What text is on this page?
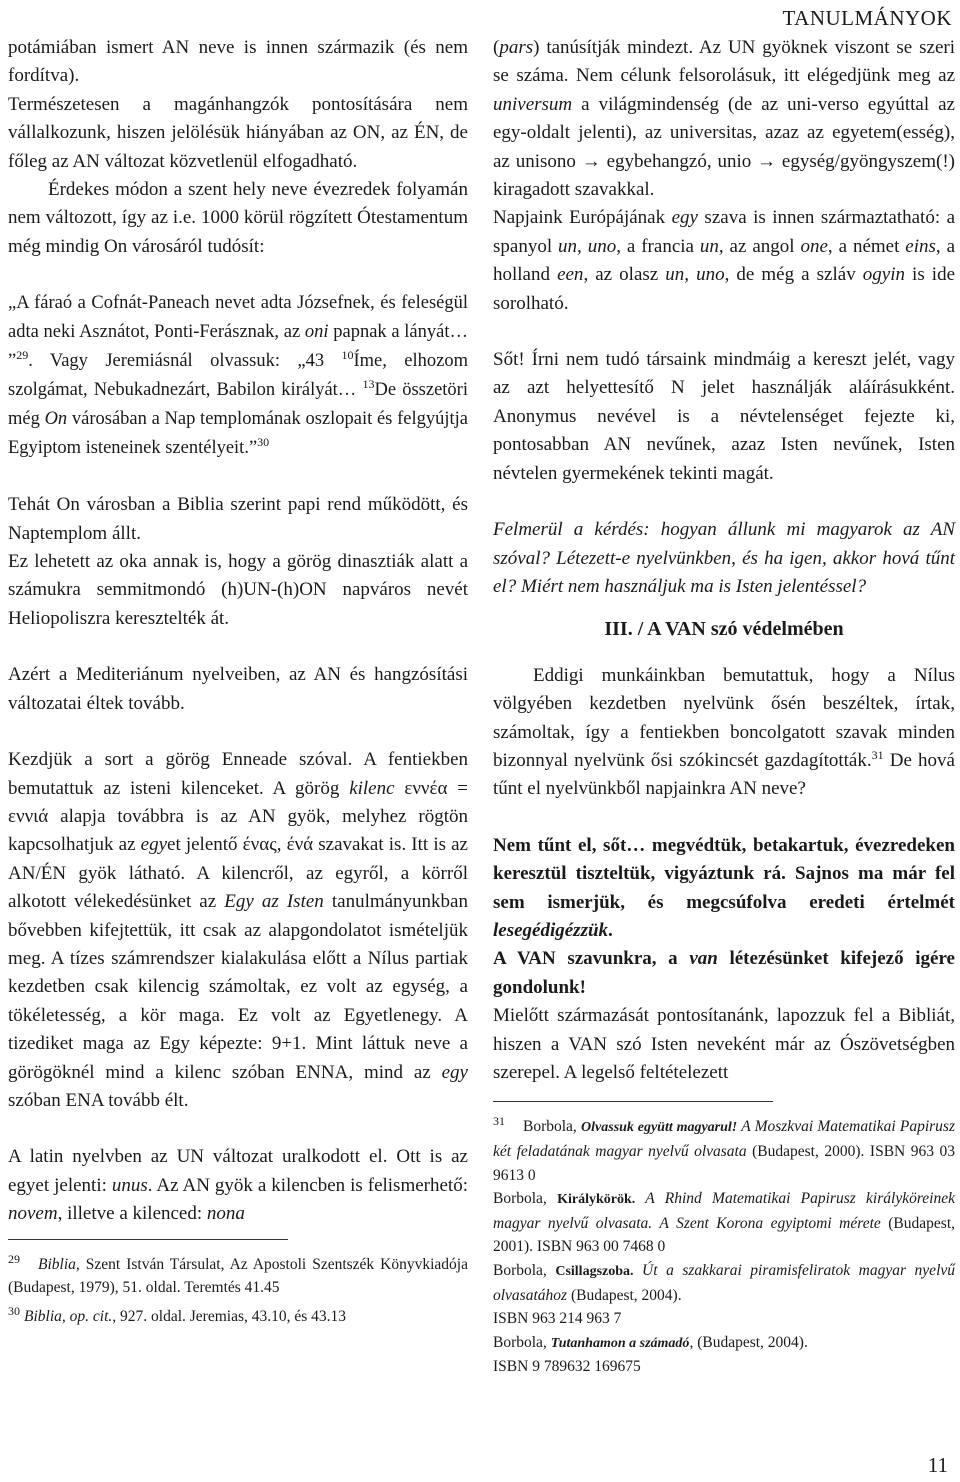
TANULMÁNYOK

potámiában ismert AN neve is innen származik (és nem fordítva).

Természetesen a magánhangzók pontosítására nem vállalkozunk, hiszen jelölésük hiányában az ON, az ÉN, de főleg az AN változat közvetlenül elfogadható.

Érdekes módon a szent hely neve évezredek folyamán nem változott, így az i.e. 1000 körül rögzített Ótestamentum még mindig On városáról tudósít:

„A fáraó a Cofnát-Paneach nevet adta Józsefnek, és feleségül adta neki Asznátot, Ponti-Ferásznak, az oni papnak a lányát… ”$^{29}$. Vagy Jeremiásnál olvassuk: „43 $^{10}$Íme, elhozom szolgámat, Nebukadnezárt, Babilon királyát… $^{13}$De összetöri még On városában a Nap templomának oszlopait és felgyújtja Egyiptom isteneinek szentélyeit.”$^{30}$

Tehát On városban a Biblia szerint papi rend működött, és Naptemplom állt.

Ez lehetett az oka annak is, hogy a görög dinasztiák alatt a számukra semmitmondó (h)UN-(h)ON napváros nevét Heliopoliszra keresztelték át.

Azért a Mediteriánum nyelveiben, az AN és hangzósítási változatai éltek tovább.

Kezdjük a sort a görög Enneade szóval. A fentiekben bemutattuk az isteni kilenceket. A görög kilenc εννέα = εννιά alapja továbbra is az AN gyök, melyhez rögtön kapcsolhatjuk az egyet jelentő ένας, ένά szavakat is. Itt is az AN/ÉN gyök látható. A kilencről, az egyről, a körről alkotott vélekedésünket az Egy az Isten tanulmányunkban bővebben kifejtettük, itt csak az alapgondolatot ismételjük meg. A tízes számrendszer kialakulása előtt a Nílus partiak kezdetben csak kilencig számoltak, ez volt az egység, a tökéletesség, a kör maga. Ez volt az Egyetlenegy. A tizediket maga az Egy képezte: 9+1. Mint láttuk neve a görögöknél mind a kilenc szóban ENNA, mind az egy szóban ENA tovább élt.

A latin nyelvben az UN változat uralkodott el. Ott is az egyet jelenti: unus. Az AN gyök a kilencben is felismerhető: novem, illetve a kilenced: nona

$^{29}$ Biblia, Szent István Társulat, Az Apostoli Szentszék Könyvkiadója (Budapest, 1979), 51. oldal. Teremtés 41.45
$^{30}$ Biblia, op. cit., 927. oldal. Jeremias, 43.10, és 43.13

(pars) tanúsítják mindezt. Az UN gyöknek viszont se szeri se száma. Nem célunk felsorolásuk, itt elégedjünk meg az universum a világmindenség (de az uni-verso egyúttal az egy-oldalt jelenti), az universitas, azaz az egyetem(esség), az unisono → egybehangzó, unio → egység/gyöngyszem(!) kiragadott szavakkal.

Napjaink Európájának egy szava is innen származtatható: a spanyol un, uno, a francia un, az angol one, a német eins, a holland een, az olasz un, uno, de még a szláv ogyin is ide sorolható.

Sőt! Írni nem tudó társaink mindmáig a kereszt jelét, vagy az azt helyettesítő N jelet használják aláírásukként. Anonymus nevével is a névtelenséget fejezte ki, pontosabban AN nevűnek, azaz Isten nevűnek, Isten névtelen gyermekének tekinti magát.

Felmerül a kérdés: hogyan állunk mi magyarok az AN szóval? Létezett-e nyelvünkben, és ha igen, akkor hová tűnt el? Miért nem használjuk ma is Isten jelentéssel?

III. / A VAN szó védelmében

Eddigi munkáinkban bemutattuk, hogy a Nílus völgyében kezdetben nyelvünk ősén beszéltek, írtak, számoltak, így a fentiekben boncolgatott szavak minden bizonnyal nyelvünk ősi szókincsét gazdagították.$^{31}$ De hová tűnt el nyelvünkből napjainkra AN neve?

Nem tűnt el, sőt… megvédtük, betakartuk, évezredeken keresztül tiszteltük, vigyáztunk rá. Sajnos ma már fel sem ismerjük, és megcsúfolva eredeti értelmét lesegédigézzük.

A VAN szavunkra, a van létezésünket kifejező igére gondolunk!

Mielőtt származását pontosítanánk, lapozzuk fel a Bibliát, hiszen a VAN szó Isten neveként már az Ószövetségben szerepel. A legelső feltételezett

$^{31}$ Borbola, Olvassuk együtt magyarul! A Moszkvai Matematikai Papirusz két feladatának magyar nyelvű olvasata (Budapest, 2000). ISBN 963 03 9613 0
Borbola, Királykörök. A Rhind Matematikai Papirusz királyköreinek magyar nyelvű olvasata. A Szent Korona egyiptomi mérete (Budapest, 2001). ISBN 963 00 7468 0
Borbola, Csillagszoba. Út a szakkarai piramisfeliratok magyar nyelvű olvasatához (Budapest, 2004).
ISBN 963 214 963 7
Borbola, Tutanhamon a számadó, (Budapest, 2004).
ISBN 9 789632 169675
11
